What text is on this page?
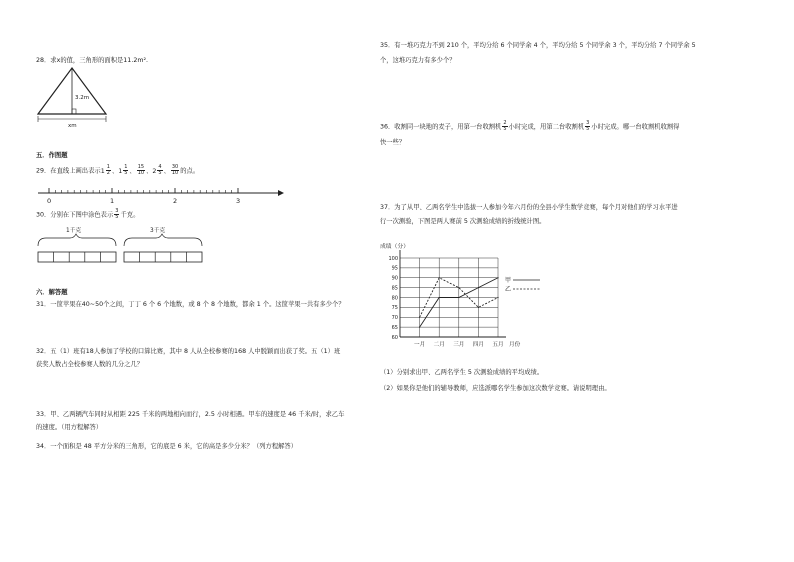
28．求x的值，三角形的面积是11.2m².
3.2m
xm
五．作图题
29．在直线上画出表示$1 \frac{1}{2}$ 、$1 \frac{1}{5}$ 、 $\frac{15}{10}$ 、$2 \frac{4}{5}$ 、 $\frac{30}{10}$ 的点。
0	1	2	3
30．分别在下图中涂色表示 $\frac{3}{5}$ 千克。
1千克	3千克
六．解答题
31．一筐苹果在40~50个之间，丁丁 6 个 6 个地数，或 8 个 8 个地数，都余 1 个。这筐苹果一共有多少个？
32．五（1）班有18人参加了学校的口算比赛，其中 8 人从全校参赛的168 人中脱颖而出获了奖。五（1）班
获奖人数占全校参赛人数的几分之几？
33．甲、乙两辆汽车同时从相距 225 千米的两地相向而行，2.5 小时相遇。甲车的速度是 46 千米/时，求乙车
的速度。（用方程解答）
34．一个面积是 48 平方分米的三角形，它的底是 6 米，它的高是多少分米？（列方程解答）
35．有一堆巧克力不到 210 个，平均分给 6 个同学余 4 个，平均分给 5 个同学余 3 个，平均分给 7 个同学余 5
个，这堆巧克力有多少个？
36．收割同一块地的麦子，用第一台收割机 $\frac{2}{5}$ 小时完成，用第二台收割机 $\frac{3}{5}$ 小时完成。哪一台收割机收割得
快一些？
37．为了从甲、乙两名学生中选拔一人参加今年六月份的全县小学生数学竞赛，每个月对他们的学习水平进
行一次测验，下图是两人赛前 5 次测验成绩的折线统计图。
成绩（分）
60
65
70
75
80
85
90
95
100
一月 二月 三月 四月 五月 月份
甲
乙
（1）分别求出甲、乙两名学生 5 次测验成绩的平均成绩。
（2）如果你是他们的辅导教师，应选派哪名学生参加这次数学竞赛。请说明理由。
